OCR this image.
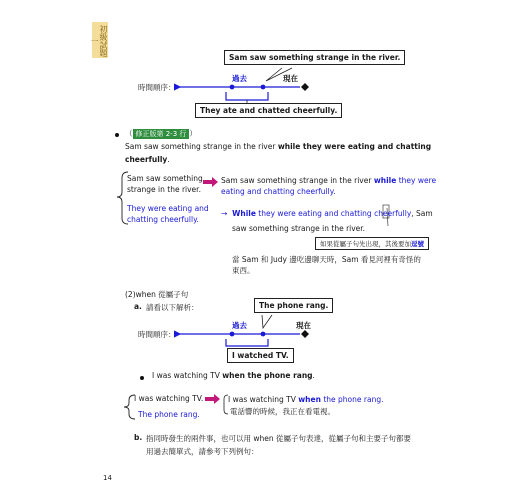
初級試題一
Sam saw something strange in the river.
過去	現在
時間順序：
They ate and chatted cheerfully.
（ 修正版第 2-3 行 ）
Sam saw something strange in the river while they were eating and chatting
cheerfully.
Sam saw something
strange in the river.
They were eating and
chatting cheerfully.
Sam saw something strange in the river while they were
eating and chatting cheerfully.
→ While they were eating and chatting cheerfully, Sam
saw something strange in the river.
如果從屬子句先出現，其後要加逗號
當 Sam 和 Judy 邊吃邊聊天時，Sam 看見河裡有奇怪的
東西。
(2)when 從屬子句
a. 請看以下解析：	The phone rang.
過去	現在
時間順序：
I watched TV.
I was watching TV when the phone rang.
I was watching TV.
The phone rang.
I was watching TV when the phone rang.
電話響的時候，我正在看電視。
b. 指同時發生的兩件事，也可以用 when 從屬子句表達，從屬子句和主要子句都要
用過去簡單式，請參考下列例句：
14
